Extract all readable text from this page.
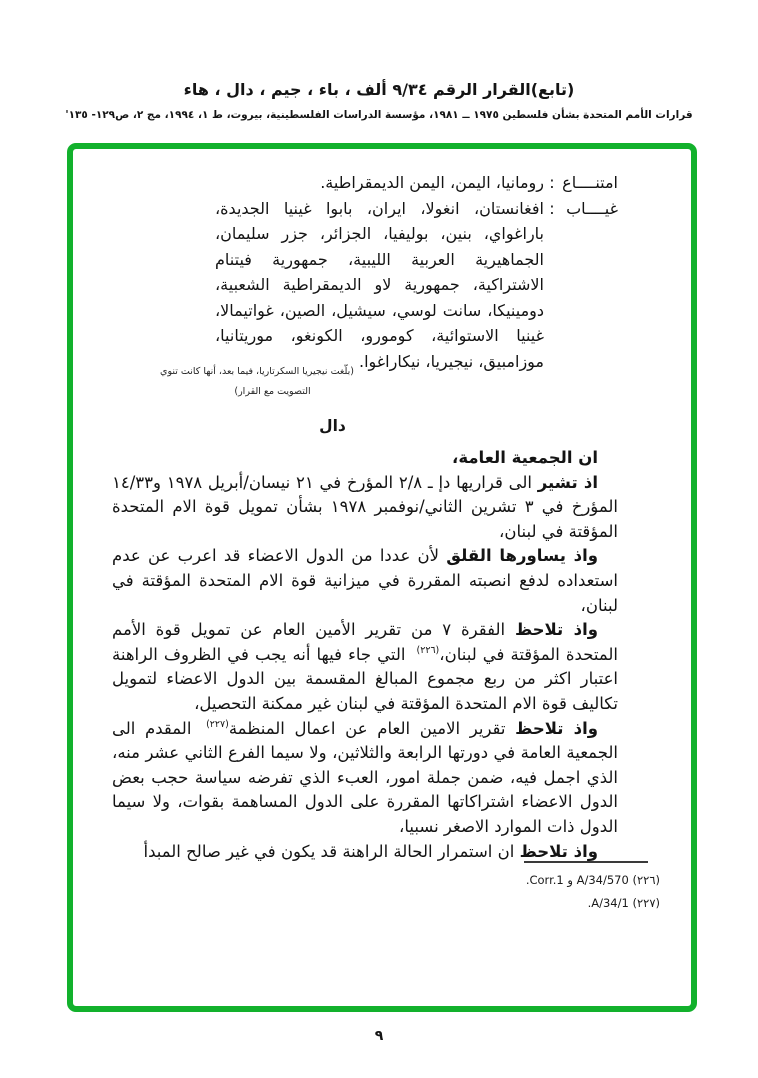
(تابع)القرار الرقم ٩/٣٤ ألف ، باء ، جيم ، دال ، هاء
قرارات الأمم المتحدة بشأن فلسطين ١٩٧٥ ــ ١٩٨١، مؤسسة الدراسات الفلسطينية، بيروت، ط ١، ١٩٩٤، مج ٢، ص١٢٩- ١٣٥'
امتنــــاع
:
رومانيا، اليمن، اليمن الديمقراطية.
غيــــاب
:
افغانستان، انغولا، ايران، بابوا غينيا الجديدة، باراغواي، بنين، بوليفيا، الجزائر، جزر سليمان، الجماهيرية العربية الليبية، جمهورية فيتنام الاشتراكية، جمهورية لاو الديمقراطية الشعبية، دومينيكا، سانت لوسي، سيشيل، الصين، غواتيمالا، غينيا الاستوائية، كومورو، الكونغو، موريتانيا، موزامبيق، نيجيريا، نيكاراغوا.
(بلّغت نيجيريا السكرتاريا، فيما بعد، أنها كانت تنوي
التصويت مع القرار)
دال

ان الجمعية العامة،

اذ تشير الى قراريها دإ ـ ٢/٨ المؤرخ في ٢١ نيسان/أبريل ١٩٧٨ و١٤/٣٣ المؤرخ في ٣ تشرين الثاني/نوفمبر ١٩٧٨ بشأن تمويل قوة الام المتحدة المؤقتة في لبنان،

واذ يساورها القلق لأن عددا من الدول الاعضاء قد اعرب عن عدم استعداده لدفع انصبته المقررة في ميزانية قوة الام المتحدة المؤقتة في لبنان،

واذ تلاحظ الفقرة ٧ من تقرير الأمين العام عن تمويل قوة الأمم المتحدة المؤقتة في لبنان،$^{(٢٢٦)}$ التي جاء فيها أنه يجب في الظروف الراهنة اعتبار اكثر من ربع مجموع المبالغ المقسمة بين الدول الاعضاء لتمويل تكاليف قوة الام المتحدة المؤقتة في لبنان غير ممكنة التحصيل،

واذ تلاحظ تقرير الامين العام عن اعمال المنظمة$^{(٢٢٧)}$ المقدم الى الجمعية العامة في دورتها الرابعة والثلاثين، ولا سيما الفرع الثاني عشر منه، الذي اجمل فيه، ضمن جملة امور، العبء الذي تفرضه سياسة حجب بعض الدول الاعضاء اشتراكاتها المقررة على الدول المساهمة بقوات، ولا سيما الدول ذات الموارد الاصغر نسبيا،

واذ تلاحظ ان استمرار الحالة الراهنة قد يكون في غير صالح المبدأ

(٢٢٦) A/34/570 و Corr.1.
(٢٢٧) A/34/1.
٩
